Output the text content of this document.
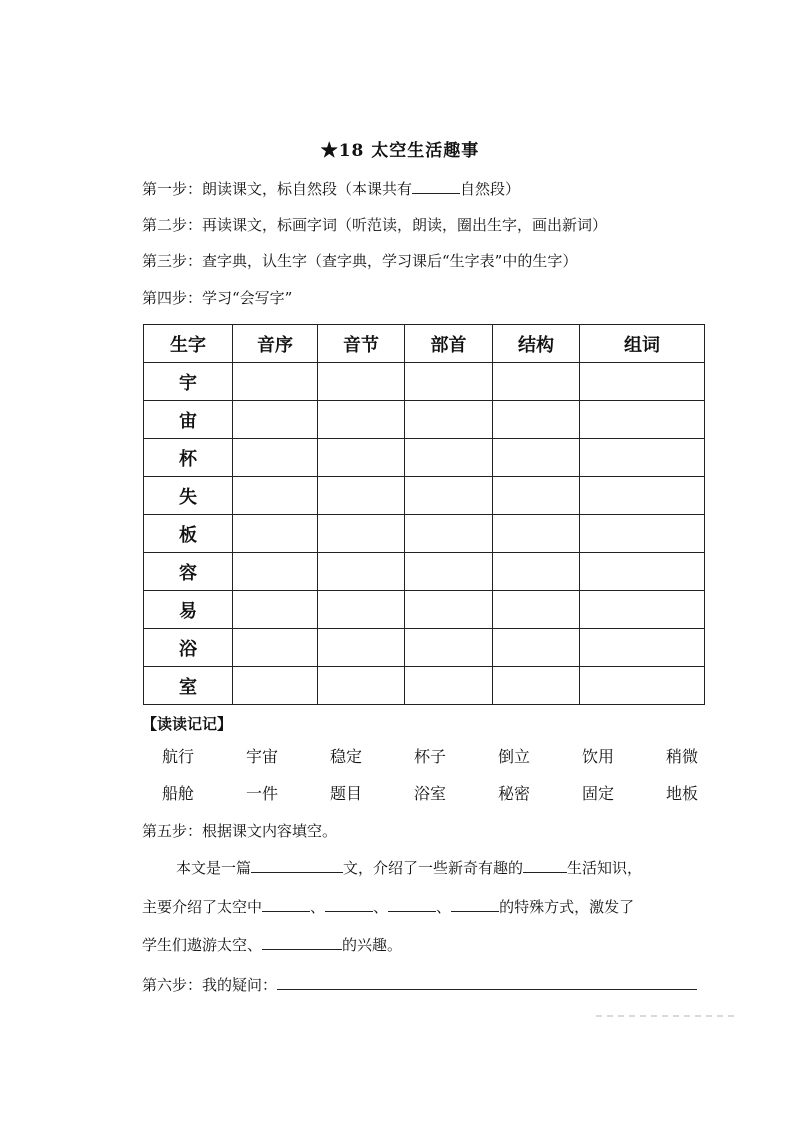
★18 太空生活趣事
第一步：朗读课文，标自然段（本课共有	自然段）
第二步：再读课文，标画字词（听范读，朗读，圈出生字，画出新词）
第三步：查字典，认生字（查字典，学习课后“生字表”中的生字）
第四步：学习“会写字”
生字	音序	音节	部首	结构	组词
宇					
宙					
杯					
失					
板					
容					
易					
浴					
室					
【读读记记】
航行	宇宙	稳定	杯子	倒立	饮用	稍微
船舱	一件	题目	浴室	秘密	固定	地板
第五步：根据课文内容填空。
本文是一篇	文，介绍了一些新奇有趣的	生活知识，
主要介绍了太空中	、	、	、	的特殊方式，激发了
学生们遨游太空、	的兴趣。
第六步：我的疑问：
